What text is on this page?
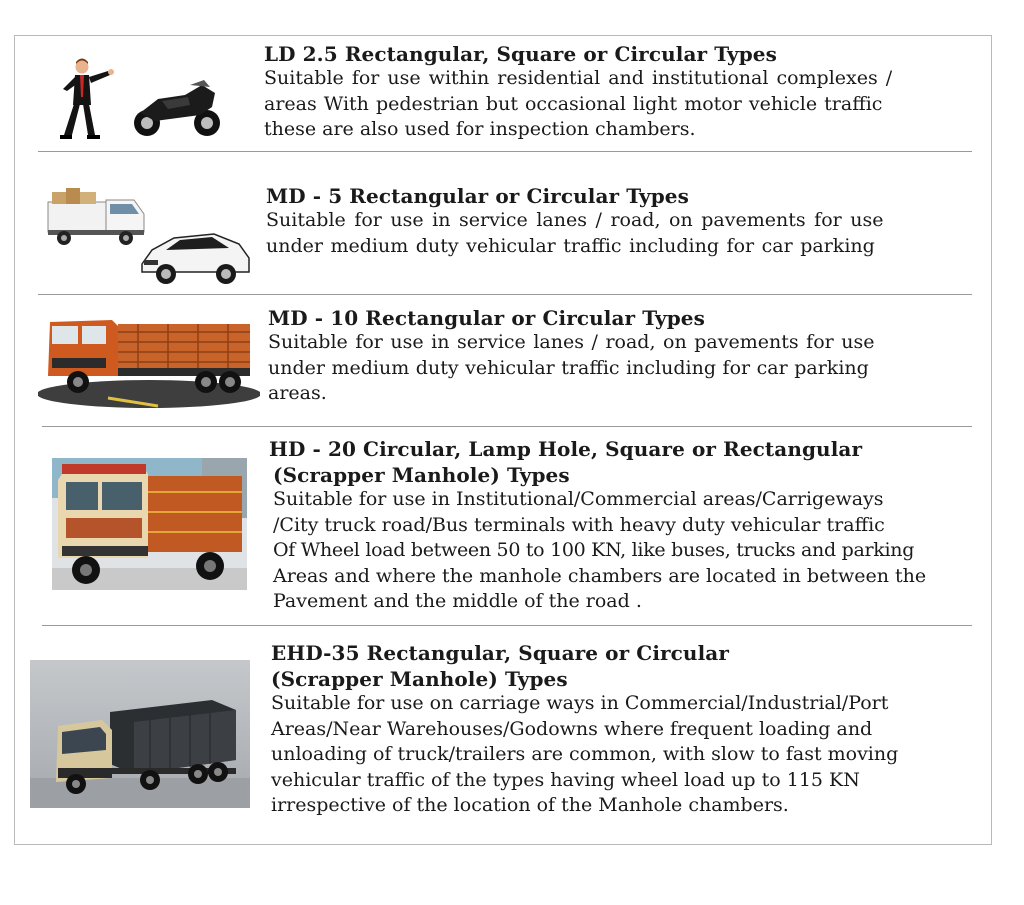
LD 2.5 Rectangular, Square or Circular Types

Suitable for use within residential and institutional complexes /

areas With pedestrian but occasional light motor vehicle traffic

these are also used for inspection chambers.

MD - 5 Rectangular or Circular Types

Suitable for use in service lanes / road, on pavements for use

under medium duty vehicular traffic including for car parking

MD - 10 Rectangular or Circular Types

Suitable for use in service lanes / road, on pavements for use

under medium duty vehicular traffic including for car parking

areas.

HD - 20 Circular, Lamp Hole, Square or Rectangular

(Scrapper Manhole) Types

Suitable for use in Institutional/Commercial areas/Carrigeways

/City truck road/Bus terminals with heavy duty vehicular traffic

Of Wheel load between 50 to 100 KN, like buses, trucks and parking

Areas and where the manhole chambers are located in between the

Pavement and the middle of the road .

EHD-35 Rectangular, Square or Circular

(Scrapper Manhole) Types

Suitable for use on carriage ways in Commercial/Industrial/Port

Areas/Near Warehouses/Godowns where frequent loading and

unloading of truck/trailers are common, with slow to fast moving

vehicular traffic of the types having wheel load up to 115 KN

irrespective of the location of the Manhole chambers.
